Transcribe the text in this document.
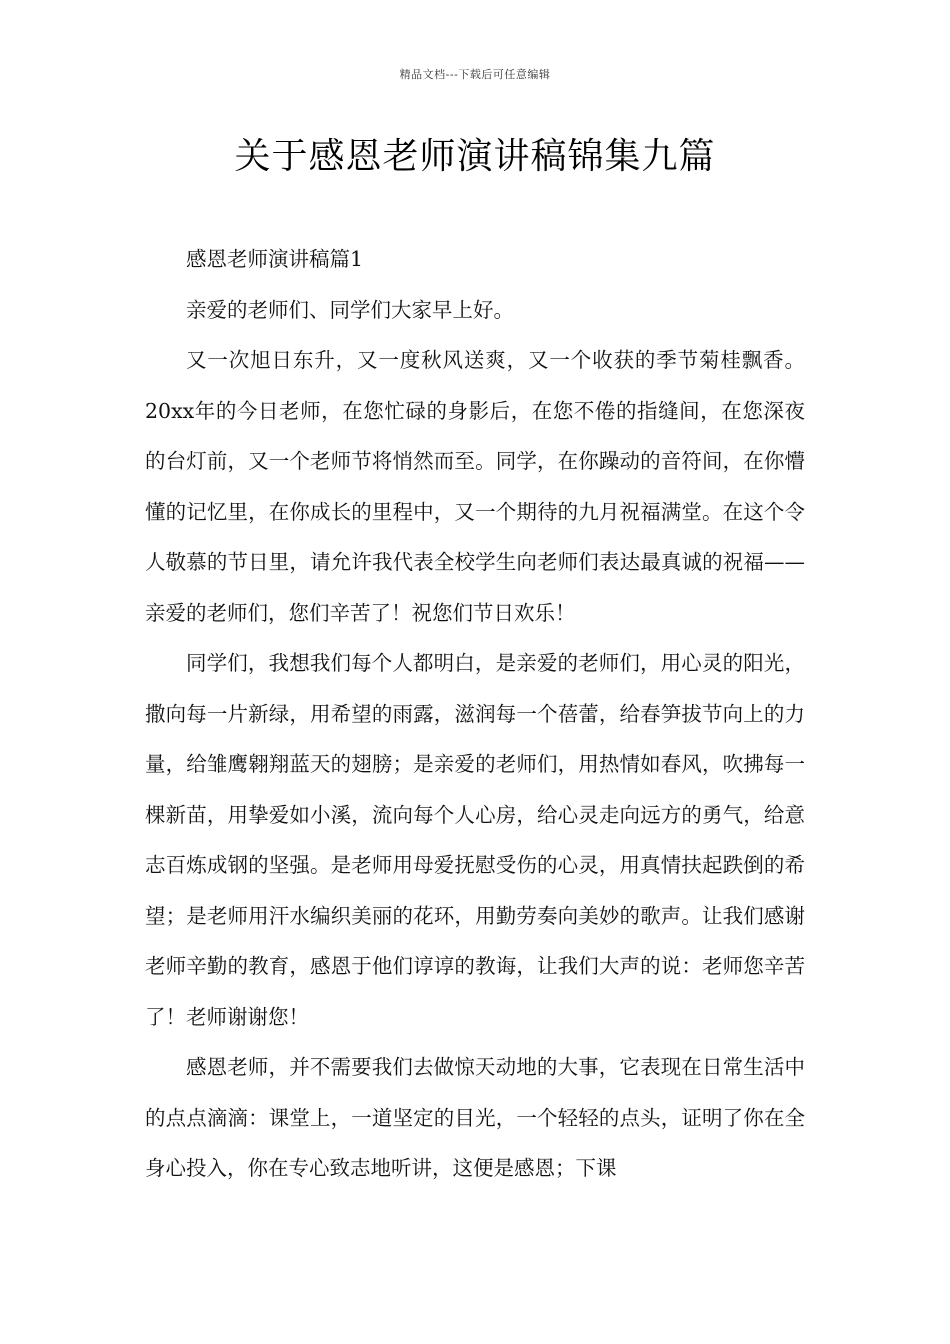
精品文档---下载后可任意编辑
关于感恩老师演讲稿锦集九篇

感恩老师演讲稿篇1

亲爱的老师们、同学们大家早上好。

又一次旭日东升，又一度秋风送爽，又一个收获的季节菊桂飘香。20xx年的今日老师，在您忙碌的身影后，在您不倦的指缝间，在您深夜的台灯前，又一个老师节将悄然而至。同学，在你躁动的音符间，在你懵懂的记忆里，在你成长的里程中，又一个期待的九月祝福满堂。在这个令人敬慕的节日里，请允许我代表全校学生向老师们表达最真诚的祝福——亲爱的老师们，您们辛苦了！祝您们节日欢乐！

同学们，我想我们每个人都明白，是亲爱的老师们，用心灵的阳光，撒向每一片新绿，用希望的雨露，滋润每一个蓓蕾，给春笋拔节向上的力量，给雏鹰翱翔蓝天的翅膀；是亲爱的老师们，用热情如春风，吹拂每一棵新苗，用挚爱如小溪，流向每个人心房，给心灵走向远方的勇气，给意志百炼成钢的坚强。是老师用母爱抚慰受伤的心灵，用真情扶起跌倒的希望；是老师用汗水编织美丽的花环，用勤劳奏向美妙的歌声。让我们感谢老师辛勤的教育，感恩于他们谆谆的教诲，让我们大声的说：老师您辛苦了！老师谢谢您！

感恩老师，并不需要我们去做惊天动地的大事，它表现在日常生活中的点点滴滴：课堂上，一道坚定的目光，一个轻轻的点头，证明了你在全身心投入，你在专心致志地听讲，这便是感恩；下课
